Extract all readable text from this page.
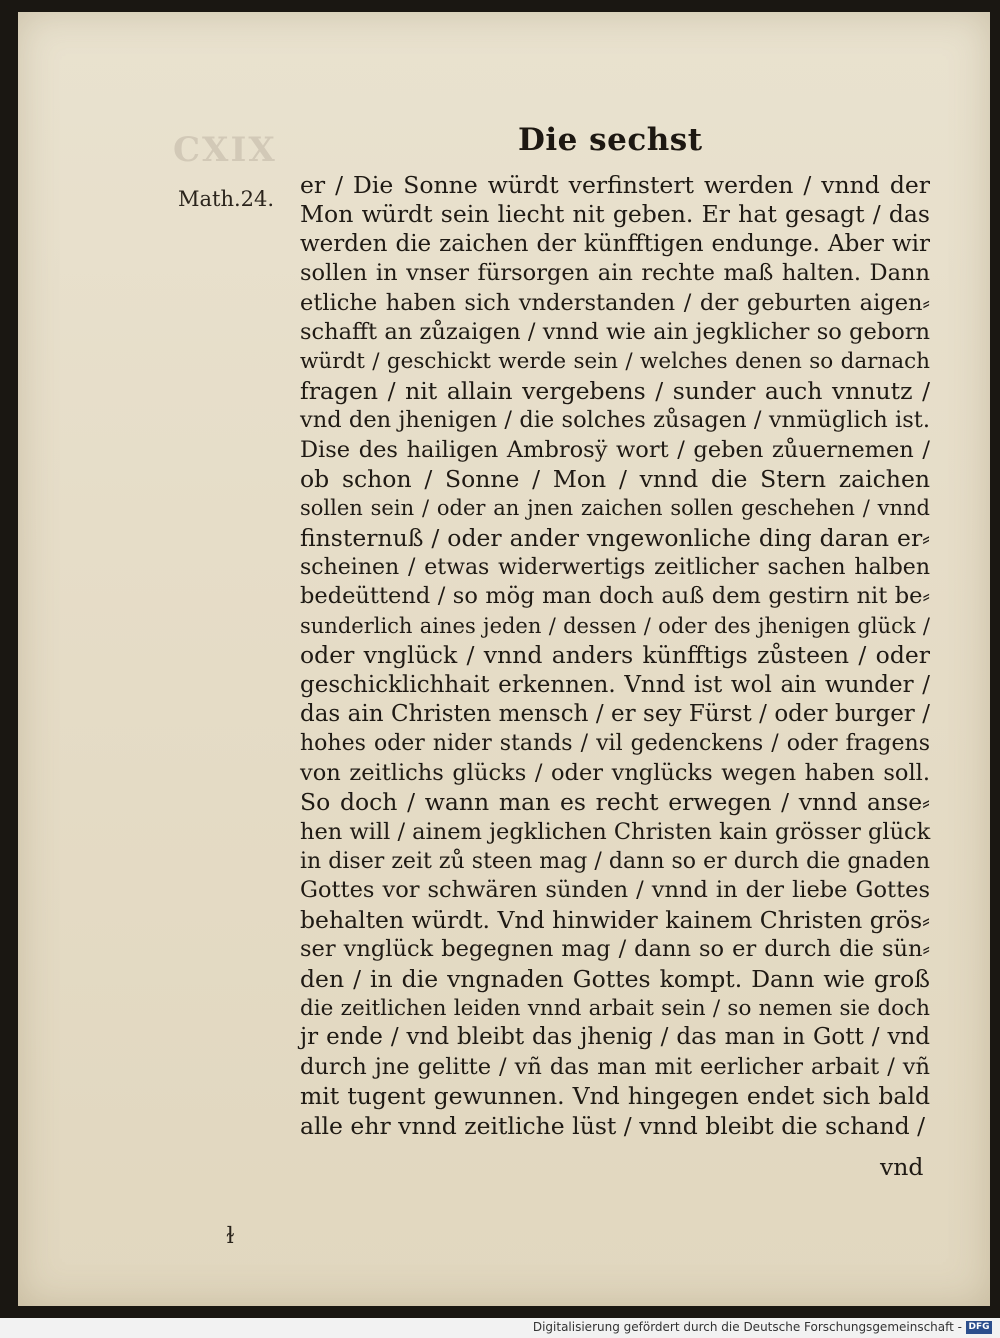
CXIX	Die sechst
Math.24. er / Die Sonne würdt verfinstert werden / vnnd der
Mon würdt sein liecht nit geben. Er hat gesagt / das
werden die zaichen der künfftigen endunge. Aber wir
sollen in vnser fürsorgen ain rechte maß halten. Dann
etliche haben sich vnderstanden / der geburten aigen⸗
schafft an zůzaigen / vnnd wie ain jegklicher so geborn
würdt / geschickt werde sein / welches denen so darnach
fragen / nit allain vergebens / sunder auch vnnutz /
vnd den jhenigen / die solches zůsagen / vnmüglich ist.
Dise des hailigen Ambrosÿ wort / geben zůuernemen /
ob schon / Sonne / Mon / vnnd die Stern zaichen
sollen sein / oder an jnen zaichen sollen geschehen / vnnd
finsternuß / oder ander vngewonliche ding daran er⸗
scheinen / etwas widerwertigs zeitlicher sachen halben
bedeüttend / so mög man doch auß dem gestirn nit be⸗
sunderlich aines jeden / dessen / oder des jhenigen glück /
oder vnglück / vnnd anders künfftigs zůsteen / oder
geschicklichhait erkennen. Vnnd ist wol ain wunder /
das ain Christen mensch / er sey Fürst / oder burger /
hohes oder nider stands / vil gedenckens / oder fragens
von zeitlichs glücks / oder vnglücks wegen haben soll.
So doch / wann man es recht erwegen / vnnd anse⸗
hen will / ainem jegklichen Christen kain grösser glück
in diser zeit zů steen mag / dann so er durch die gnaden
Gottes vor schwären sünden / vnnd in der liebe Gottes
behalten würdt. Vnd hinwider kainem Christen grös⸗
ser vnglück begegnen mag / dann so er durch die sün⸗
den / in die vngnaden Gottes kompt. Dann wie groß
die zeitlichen leiden vnnd arbait sein / so nemen sie doch
jr ende / vnd bleibt das jhenig / das man in Gott / vnd
durch jne gelitte / vñ das man mit eerlicher arbait / vñ
mit tugent gewunnen. Vnd hingegen endet sich bald
alle ehr vnnd zeitliche lüst / vnnd bleibt die schand /
vnd
ɫ
Digitalisierung gefördert durch die Deutsche Forschungsgemeinschaft - DFG
